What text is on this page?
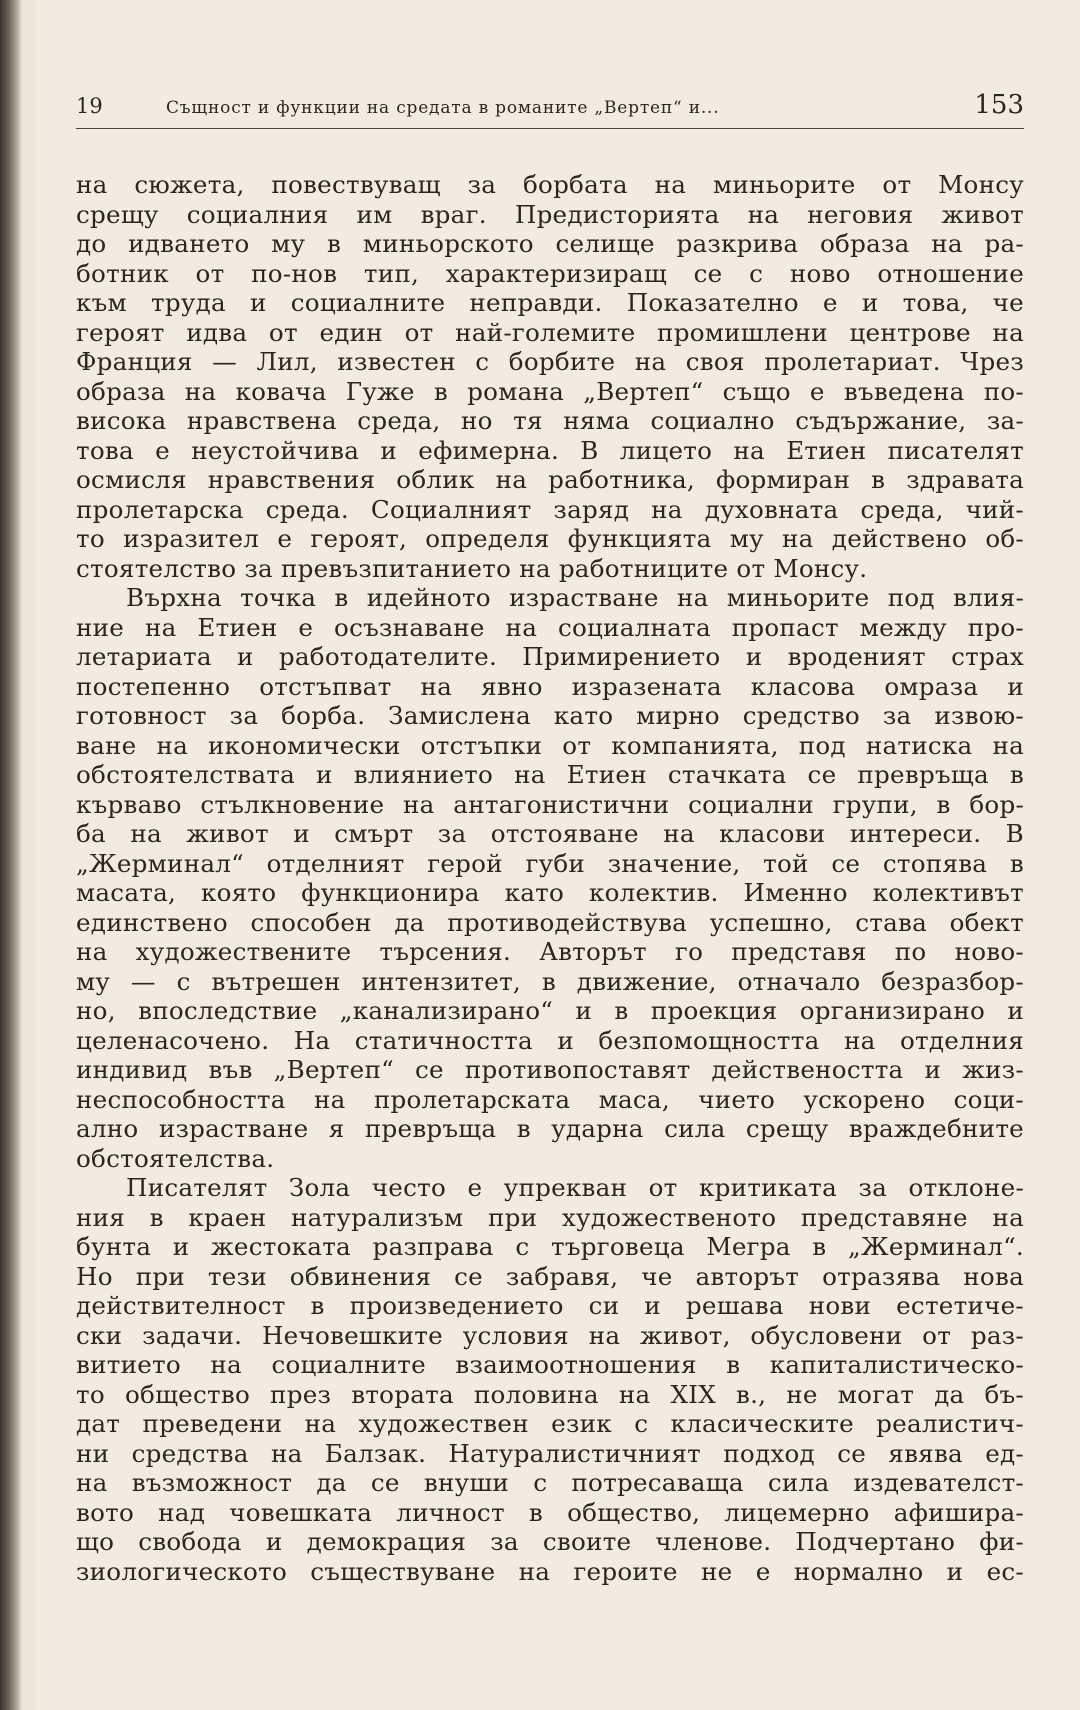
19	Същност и функции на средата в романите „Вертеп“ и...	153
на сюжета, повествуващ за борбата на миньорите от Монсу
срещу социалния им враг. Предисторията на неговия живот
до идването му в миньорското селище разкрива образа на ра-
ботник от по-нов тип, характеризиращ се с ново отношение
към труда и социалните неправди. Показателно е и това, че
героят идва от един от най-големите промишлени центрове на
Франция — Лил, известен с борбите на своя пролетариат. Чрез
образа на ковача Гуже в романа „Вертеп“ също е въведена по-
висока нравствена среда, но тя няма социално съдържание, за-
това е неустойчива и ефимерна. В лицето на Етиен писателят
осмисля нравствения облик на работника, формиран в здравата
пролетарска среда. Социалният заряд на духовната среда, чий-
то изразител е героят, определя функцията му на действено об-
стоятелство за превъзпитанието на работниците от Монсу.
Върхна точка в идейното израстване на миньорите под влия-
ние на Етиен е осъзнаване на социалната пропаст между про-
летариата и работодателите. Примирението и вроденият страх
постепенно отстъпват на явно изразената класова омраза и
готовност за борба. Замислена като мирно средство за извою-
ване на икономически отстъпки от компанията, под натиска на
обстоятелствата и влиянието на Етиен стачката се превръща в
кърваво стълкновение на антагонистични социални групи, в бор-
ба на живот и смърт за отстояване на класови интереси. В
„Жерминал“ отделният герой губи значение, той се стопява в
масата, която функционира като колектив. Именно колективът
единствено способен да противодействува успешно, става обект
на художествените търсения. Авторът го представя по ново-
му — с вътрешен интензитет, в движение, отначало безразбор-
но, впоследствие „канализирано“ и в проекция организирано и
целенасочено. На статичността и безпомощността на отделния
индивид във „Вертеп“ се противопоставят действеността и жиз-
неспособността на пролетарската маса, чието ускорено соци-
ално израстване я превръща в ударна сила срещу враждебните
обстоятелства.
Писателят Зола често е упрекван от критиката за отклоне-
ния в краен натурализъм при художественото представяне на
бунта и жестоката разправа с търговеца Мегра в „Жерминал“.
Но при тези обвинения се забравя, че авторът отразява нова
действителност в произведението си и решава нови естетиче-
ски задачи. Нечовешките условия на живот, обусловени от раз-
витието на социалните взаимоотношения в капиталистическо-
то общество през втората половина на XIX в., не могат да бъ-
дат преведени на художествен език с класическите реалистич-
ни средства на Балзак. Натуралистичният подход се явява ед-
на възможност да се внуши с потресаваща сила издевателст-
вото над човешката личност в общество, лицемерно афишира-
що свобода и демокрация за своите членове. Подчертано фи-
зиологическото съществуване на героите не е нормално и ес-
